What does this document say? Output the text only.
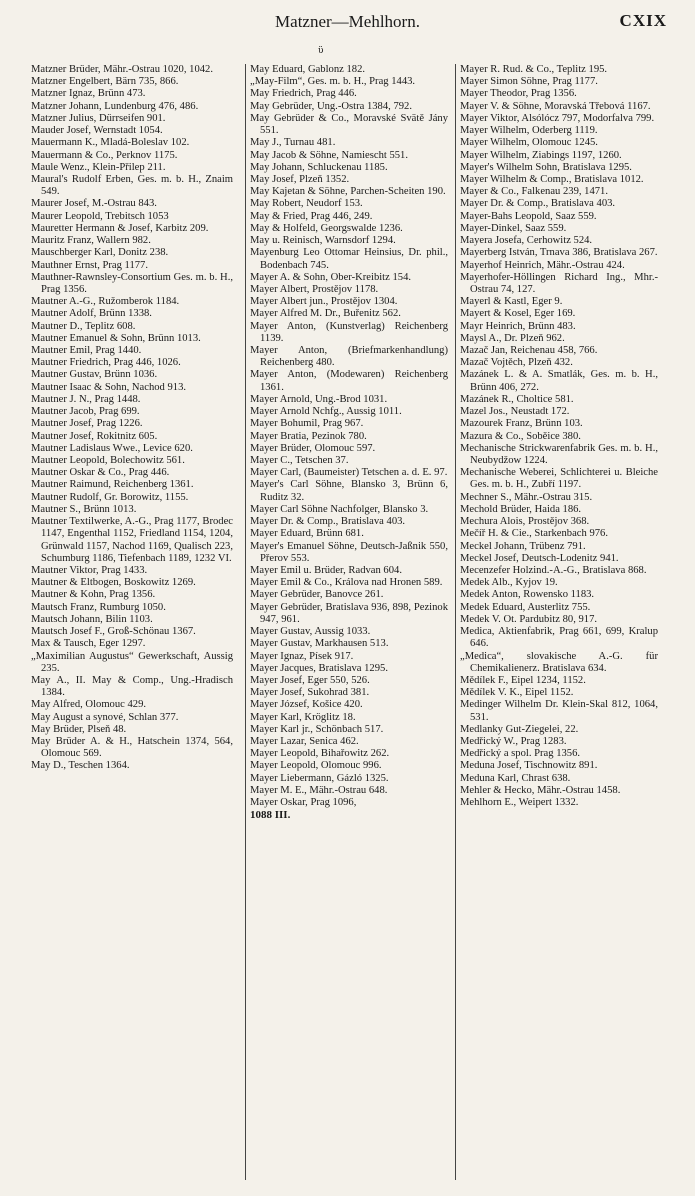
Matzner—Mehlhorn.	CXIX
ϋ

Matzner Brüder, Mähr.-Ostrau 1020, 1042.

Matzner Engelbert, Bärn 735, 866.

Matzner Ignaz, Brünn 473.

Matzner Johann, Lundenburg 476, 486.

Matzner Julius, Dürrseifen 901.

Mauder Josef, Wernstadt 1054.

Mauermann K., Mladá-Boleslav 102.

Mauermann & Co., Perknov 1175.

Maule Wenz., Klein-Přilep 211.

Maural's Rudolf Erben, Ges. m. b. H., Znaim 549.

Maurer Josef, M.-Ostrau 843.

Maurer Leopold, Trebitsch 1053

Mauretter Hermann & Josef, Karbitz 209.

Mauritz Franz, Wallern 982.

Mauschberger Karl, Donitz 238.

Mauthner Ernst, Prag 1177.

Mauthner-Rawnsley-Consortium Ges. m. b. H., Prag 1356.

Mautner A.-G., Ružomberok 1184.

Mautner Adolf, Brünn 1338.

Mautner D., Teplitz 608.

Mautner Emanuel & Sohn, Brünn 1013.

Mautner Emil, Prag 1440.

Mautner Friedrich, Prag 446, 1026.

Mautner Gustav, Brünn 1036.

Mautner Isaac & Sohn, Nachod 913.

Mautner J. N., Prag 1448.

Mautner Jacob, Prag 699.

Mautner Josef, Prag 1226.

Mautner Josef, Rokitnitz 605.

Mautner Ladislaus Wwe., Levice 620.

Mautner Leopold, Bolechowitz 561.

Mautner Oskar & Co., Prag 446.

Mautner Raimund, Reichenberg 1361.

Mautner Rudolf, Gr. Borowitz, 1155.

Mautner S., Brünn 1013.

Mautner Textilwerke, A.-G., Prag 1177, Brodec 1147, Engenthal 1152, Friedland 1154, 1204, Grünwald 1157, Nachod 1169, Qualisch 223, Schumburg 1186, Tiefenbach 1189, 1232 VI.

Mautner Viktor, Prag 1433.

Mautner & Eltbogen, Boskowitz 1269.

Mautner & Kohn, Prag 1356.

Mautsch Franz, Rumburg 1050.

Mautsch Johann, Bilin 1103.

Mautsch Josef F., Groß-Schönau 1367.

Max & Tausch, Eger 1297.

„Maximilian Augustus“ Gewerkschaft, Aussig 235.

May A., II. May & Comp., Ung.-Hradisch 1384.

May Alfred, Olomouc 429.

May August a synové, Schlan 377.

May Brüder, Plseň 48.

May Brüder A. & H., Hatschein 1374, 564, Olomouc 569.

May D., Teschen 1364.

May Eduard, Gablonz 182.

„May-Film“, Ges. m. b. H., Prag 1443.

May Friedrich, Prag 446.

May Gebrüder, Ung.-Ostra 1384, 792.

May Gebrüder & Co., Moravské Svätě Jány 551.

May J., Turnau 481.

May Jacob & Söhne, Namiescht 551.

May Johann, Schluckenau 1185.

May Josef, Plzeň 1352.

May Kajetan & Söhne, Parchen-Scheiten 190.

May Robert, Neudorf 153.

May & Fried, Prag 446, 249.

May & Holfeld, Georgswalde 1236.

May u. Reinisch, Warnsdorf 1294.

Mayenburg Leo Ottomar Heinsius, Dr. phil., Bodenbach 745.

Mayer A. & Sohn, Ober-Kreibitz 154.

Mayer Albert, Prostějov 1178.

Mayer Albert jun., Prostějov 1304.

Mayer Alfred M. Dr., Buřenitz 562.

Mayer Anton, (Kunstverlag) Reichenberg 1139.

Mayer Anton, (Briefmarkenhandlung) Reichenberg 480.

Mayer Anton, (Modewaren) Reichenberg 1361.

Mayer Arnold, Ung.-Brod 1031.

Mayer Arnold Nchfg., Aussig 1011.

Mayer Bohumil, Prag 967.

Mayer Bratia, Pezinok 780.

Mayer Brüder, Olomouc 597.

Mayer C., Tetschen 37.

Mayer Carl, (Baumeister) Tetschen a. d. E. 97.

Mayer's Carl Söhne, Blansko 3, Brünn 6, Ruditz 32.

Mayer Carl Söhne Nachfolger, Blansko 3.

Mayer Dr. & Comp., Bratislava 403.

Mayer Eduard, Brünn 681.

Mayer's Emanuel Söhne, Deutsch-Jaßnik 550, Přerov 553.

Mayer Emil u. Brüder, Radvan 604.

Mayer Emil & Co., Králova nad Hronen 589.

Mayer Gebrüder, Banovce 261.

Mayer Gebrüder, Bratislava 936, 898, Pezinok 947, 961.

Mayer Gustav, Aussig 1033.

Mayer Gustav, Markhausen 513.

Mayer Ignaz, Písek 917.

Mayer Jacques, Bratislava 1295.

Mayer Josef, Eger 550, 526.

Mayer Josef, Sukohrad 381.

Mayer József, Košice 420.

Mayer Karl, Kröglitz 18.

Mayer Karl jr., Schönbach 517.

Mayer Lazar, Senica 462.

Mayer Leopold, Bihařowitz 262.

Mayer Leopold, Olomouc 996.

Mayer Liebermann, Gázló 1325.

Mayer M. E., Mähr.-Ostrau 648.

Mayer Oskar, Prag 1096,

1088 III.

Mayer R. Rud. & Co., Teplitz 195.

Mayer Simon Söhne, Prag 1177.

Mayer Theodor, Prag 1356.

Mayer V. & Söhne, Moravská Třebová 1167.

Mayer Viktor, Alsólócz 797, Modorfalva 799.

Mayer Wilhelm, Oderberg 1119.

Mayer Wilhelm, Olomouc 1245.

Mayer Wilhelm, Ziabings 1197, 1260.

Mayer's Wilhelm Sohn, Bratislava 1295.

Mayer Wilhelm & Comp., Bratislava 1012.

Mayer & Co., Falkenau 239, 1471.

Mayer Dr. & Comp., Bratislava 403.

Mayer-Bahs Leopold, Saaz 559.

Mayer-Dinkel, Saaz 559.

Mayera Josefa, Cerhowitz 524.

Mayerberg István, Trnava 386, Bratislava 267.

Mayerhof Heinrich, Mähr.-Ostrau 424.

Mayerhofer-Höllingen Richard Ing., Mhr.-Ostrau 74, 127.

Mayerl & Kastl, Eger 9.

Mayert & Kosel, Eger 169.

Mayr Heinrich, Brünn 483.

Maysl A., Dr. Plzeň 962.

Mazač Jan, Reichenau 458, 766.

Mazač Vojtěch, Plzeň 432.

Mazánek L. & A. Smatlák, Ges. m. b. H., Brünn 406, 272.

Mazánek R., Choltice 581.

Mazel Jos., Neustadt 172.

Mazourek Franz, Brünn 103.

Mazura & Co., Soběice 380.

Mechanische Strickwarenfabrik Ges. m. b. H., Neubydžow 1224.

Mechanische Weberei, Schlichterei u. Bleiche Ges. m. b. H., Zubří 1197.

Mechner S., Mähr.-Ostrau 315.

Mechold Brüder, Haida 186.

Mechura Alois, Prostějov 368.

Mečíř H. & Cie., Starkenbach 976.

Meckel Johann, Trübenz 791.

Meckel Josef, Deutsch-Lodenitz 941.

Mecenzefer Holzind.-A.-G., Bratislava 868.

Medek Alb., Kyjov 19.

Medek Anton, Rowensko 1183.

Medek Eduard, Austerlitz 755.

Medek V. Ot. Pardubitz 80, 917.

Medica, Aktienfabrik, Prag 661, 699, Kralup 646.

„Medica“, slovakische A.-G. für Chemikalienerz. Bratislava 634.

Mědílek F., Eipel 1234, 1152.

Mědílek V. K., Eipel 1152.

Medinger Wilhelm Dr. Klein-Skal 812, 1064, 531.

Medlanky Gut-Ziegelei, 22.

Medřický W., Prag 1283.

Medřický a spol. Prag 1356.

Meduna Josef, Tischnowitz 891.

Meduna Karl, Chrast 638.

Mehler & Hecko, Mähr.-Ostrau 1458.

Mehlhorn E., Weipert 1332.
